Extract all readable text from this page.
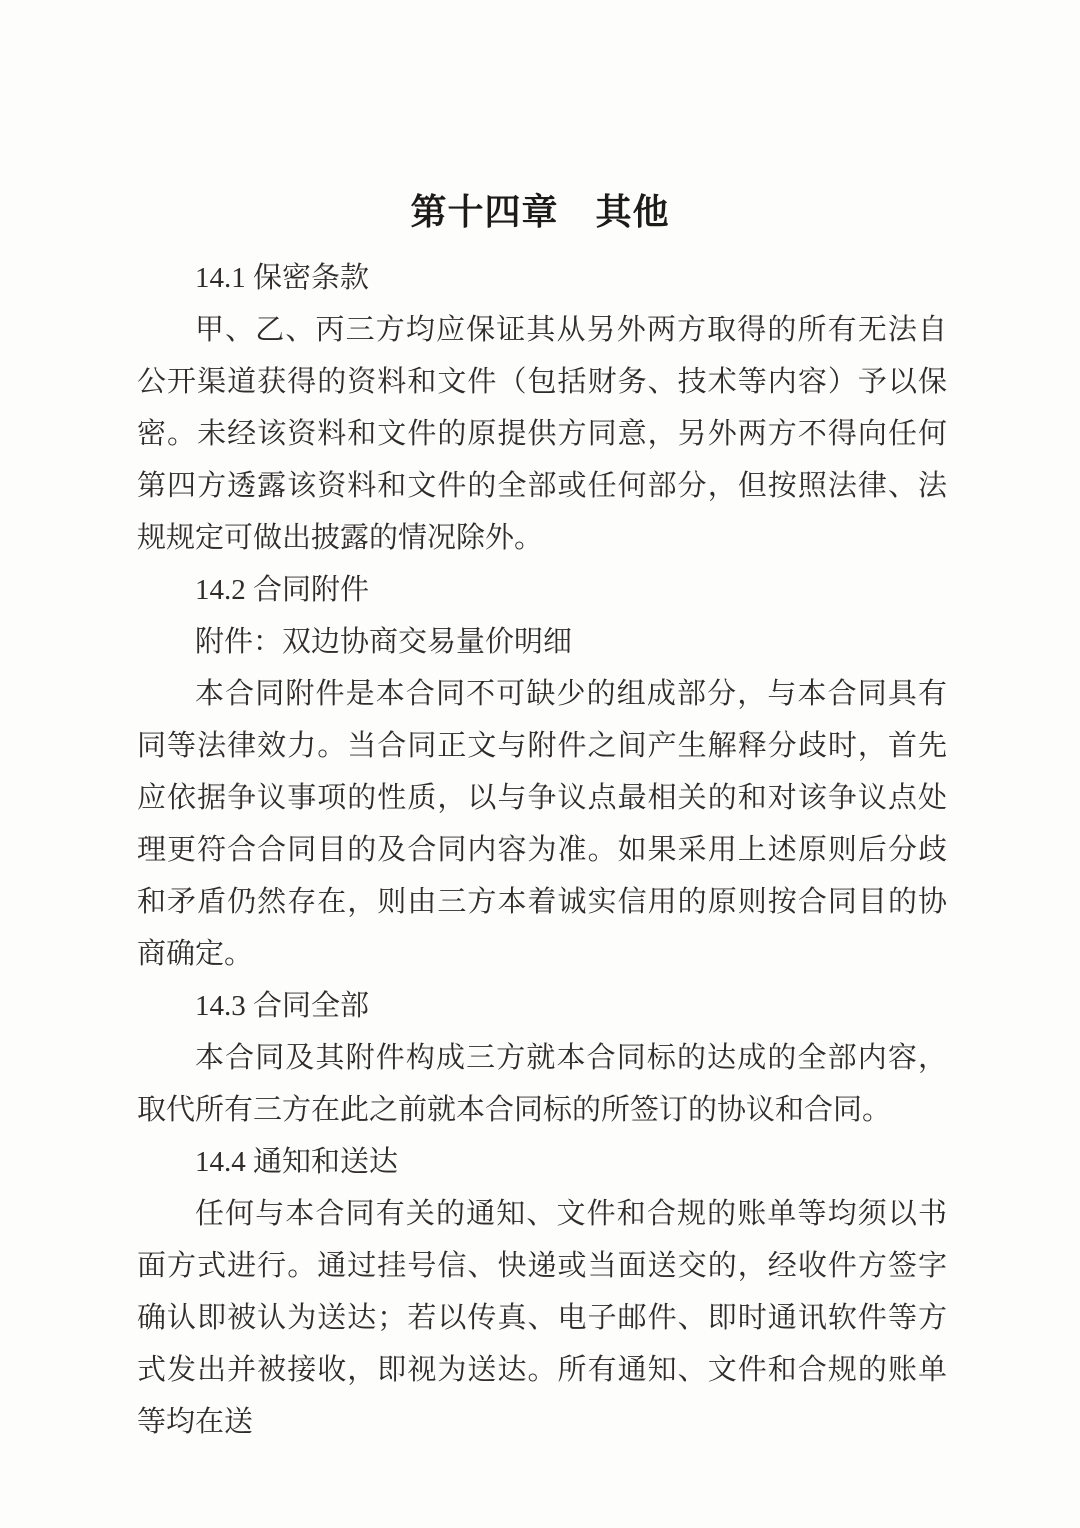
第十四章　其他

14.1 保密条款

甲、乙、丙三方均应保证其从另外两方取得的所有无法自公开渠道获得的资料和文件（包括财务、技术等内容）予以保密。未经该资料和文件的原提供方同意，另外两方不得向任何第四方透露该资料和文件的全部或任何部分，但按照法律、法规规定可做出披露的情况除外。

14.2 合同附件

附件：双边协商交易量价明细

本合同附件是本合同不可缺少的组成部分，与本合同具有同等法律效力。当合同正文与附件之间产生解释分歧时，首先应依据争议事项的性质，以与争议点最相关的和对该争议点处理更符合合同目的及合同内容为准。如果采用上述原则后分歧和矛盾仍然存在，则由三方本着诚实信用的原则按合同目的协商确定。

14.3 合同全部

本合同及其附件构成三方就本合同标的达成的全部内容，取代所有三方在此之前就本合同标的所签订的协议和合同。

14.4 通知和送达

任何与本合同有关的通知、文件和合规的账单等均须以书面方式进行。通过挂号信、快递或当面送交的，经收件方签字确认即被认为送达；若以传真、电子邮件、即时通讯软件等方式发出并被接收，即视为送达。所有通知、文件和合规的账单等均在送
